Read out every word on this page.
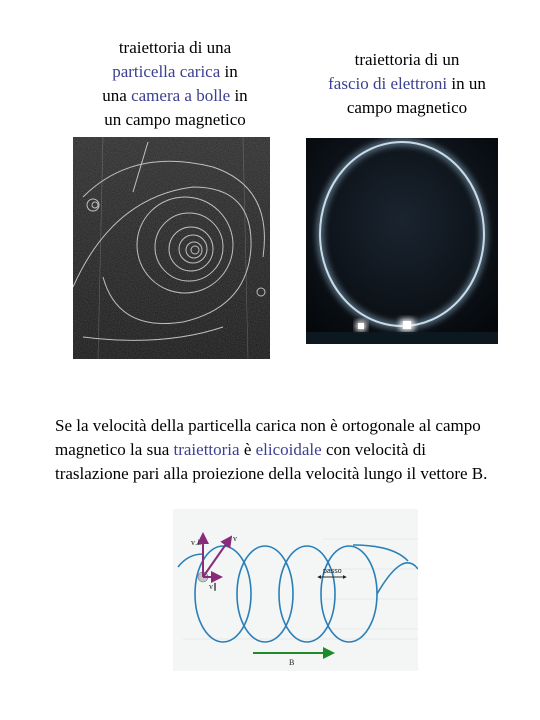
traiettoria di una
particella carica in
una camera a bolle in
un campo magnetico
traiettoria di un
fascio di elettroni in un
campo magnetico

Se la velocità della particella carica non è ortogonale al campo magnetico la sua traiettoria è elicoidale con velocità di traslazione pari alla proiezione della velocità lungo il vettore B.

passo
v⊥	v
v∥
B
